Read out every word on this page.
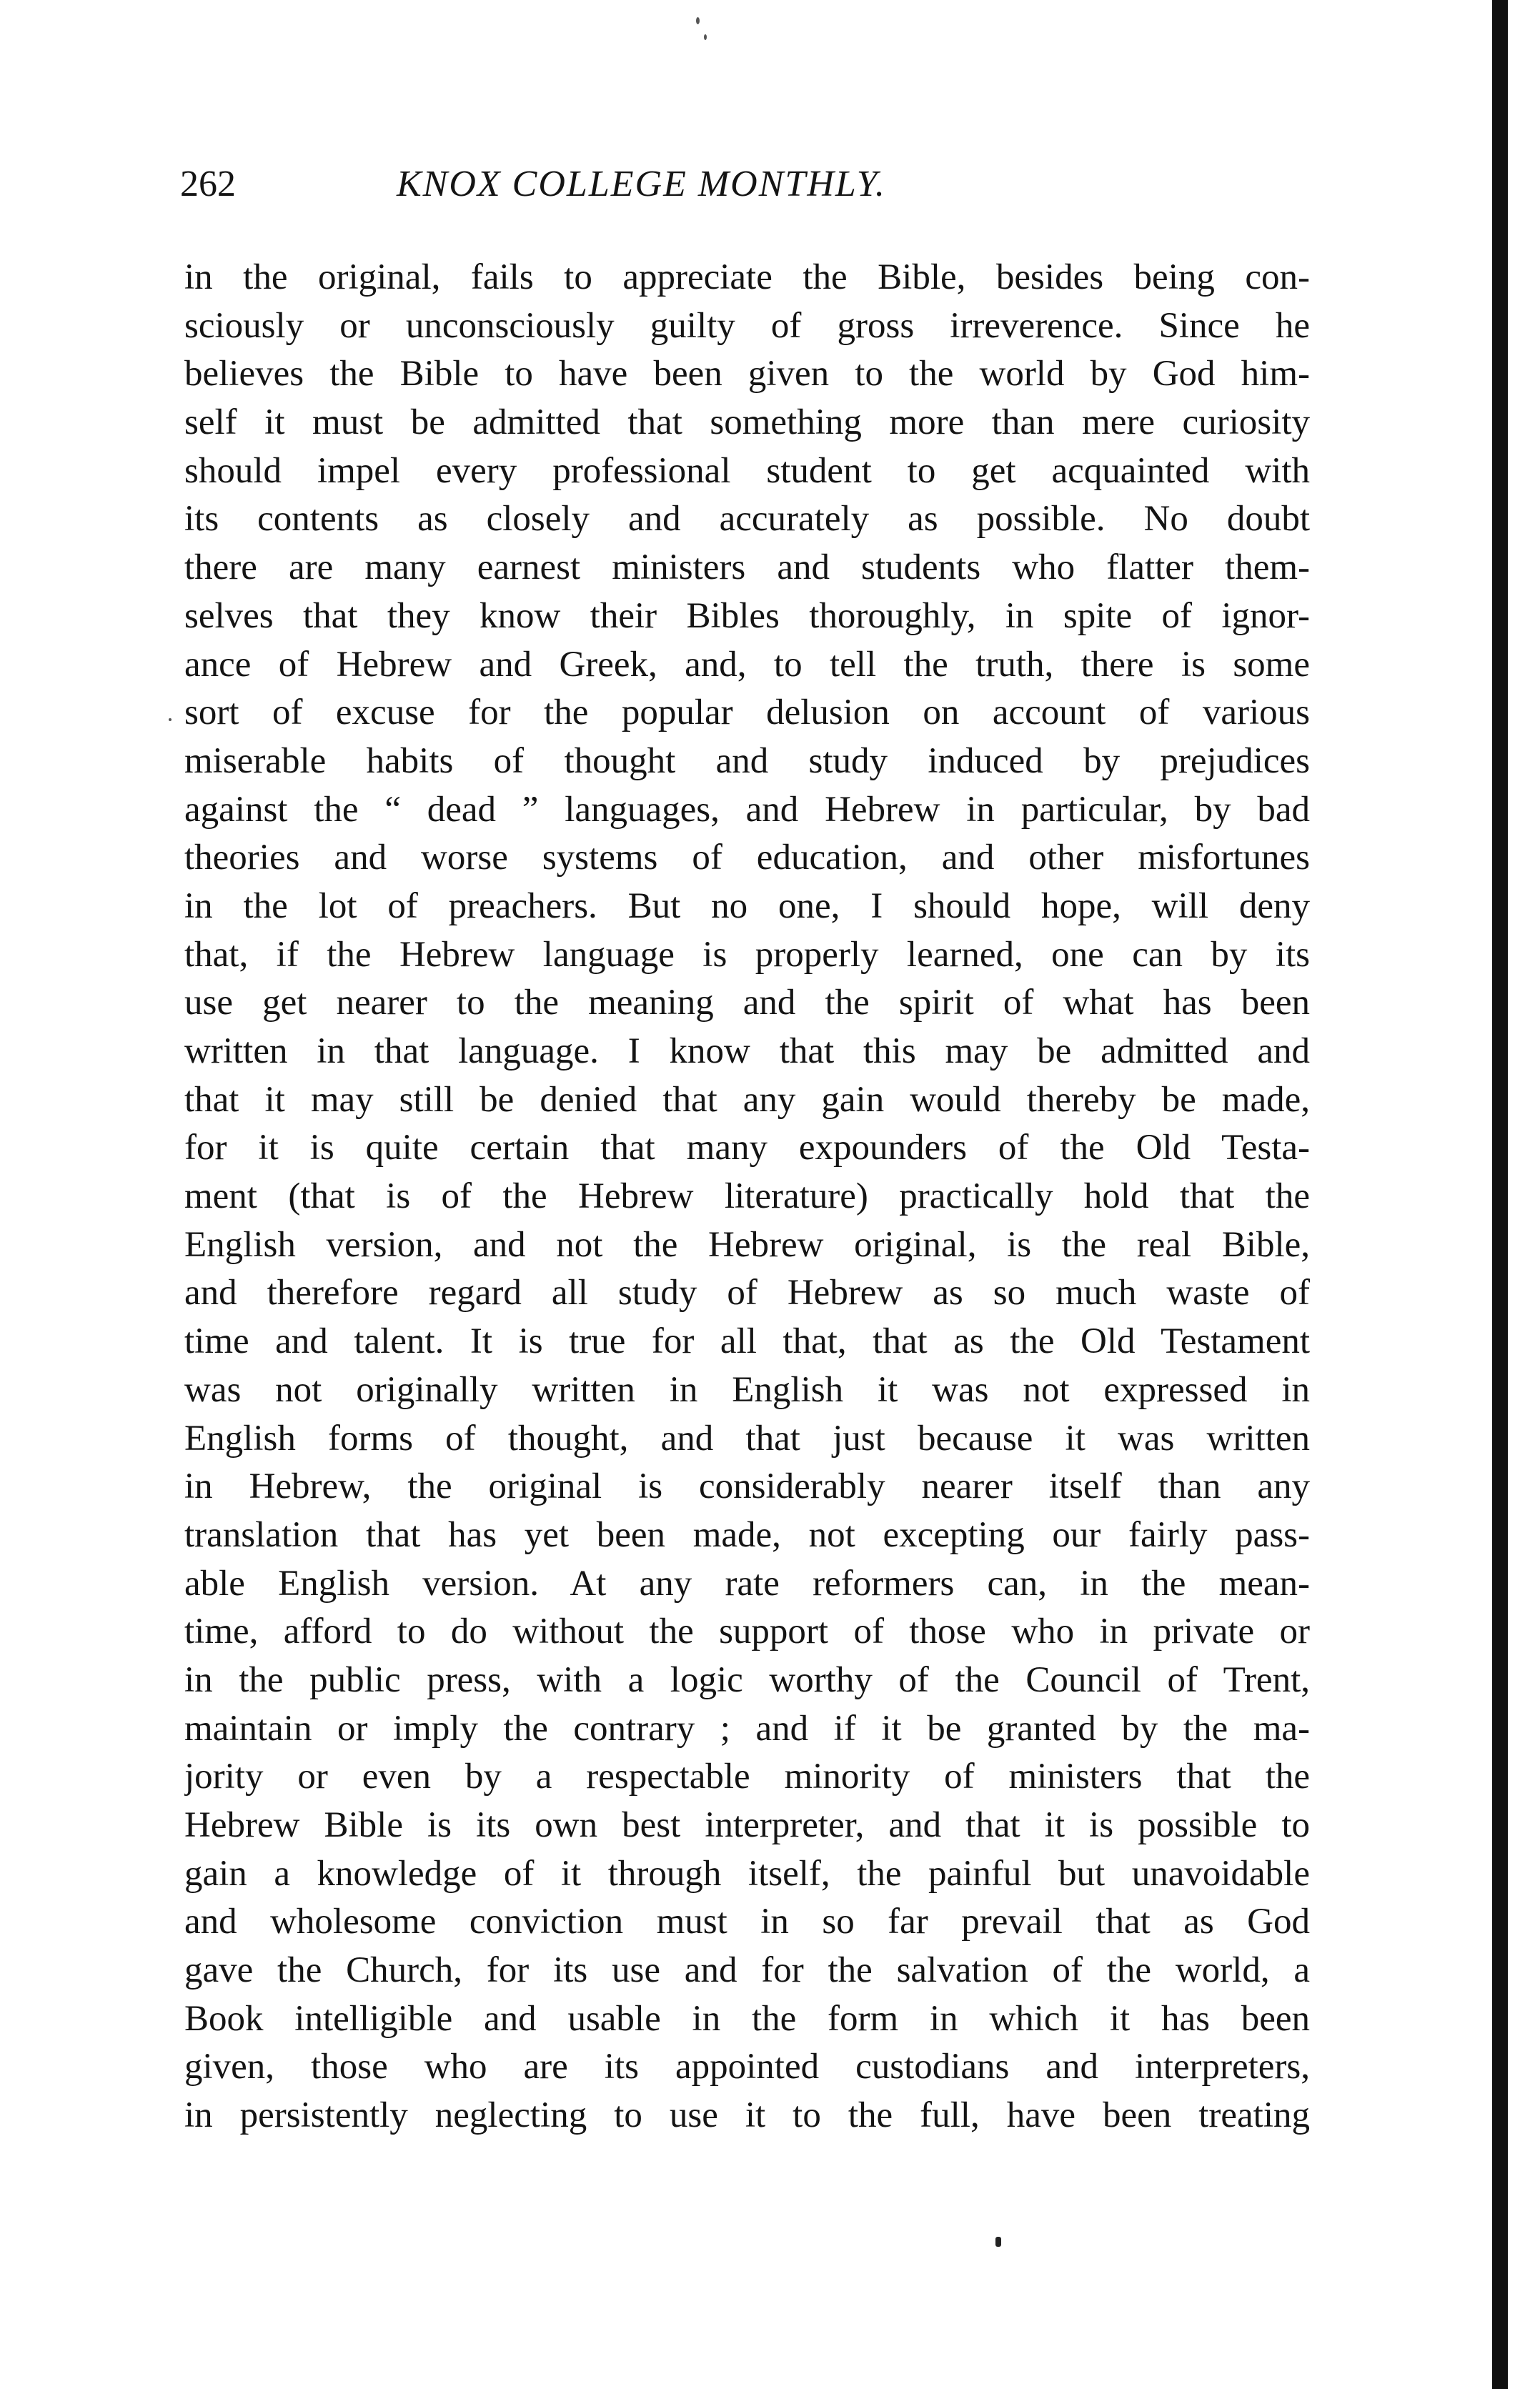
262	KNOX COLLEGE MONTHLY.
in the original, fails to appreciate the Bible, besides being con-
sciously or unconsciously guilty of gross irreverence. Since he
believes the Bible to have been given to the world by God him-
self it must be admitted that something more than mere curiosity
should impel every professional student to get acquainted with
its contents as closely and accurately as possible. No doubt
there are many earnest ministers and students who flatter them-
selves that they know their Bibles thoroughly, in spite of ignor-
ance of Hebrew and Greek, and, to tell the truth, there is some
sort of excuse for the popular delusion on account of various
miserable habits of thought and study induced by prejudices
against the “ dead ” languages, and Hebrew in particular, by bad
theories and worse systems of education, and other misfortunes
in the lot of preachers. But no one, I should hope, will deny
that, if the Hebrew language is properly learned, one can by its
use get nearer to the meaning and the spirit of what has been
written in that language. I know that this may be admitted and
that it may still be denied that any gain would thereby be made,
for it is quite certain that many expounders of the Old Testa-
ment (that is of the Hebrew literature) practically hold that the
English version, and not the Hebrew original, is the real Bible,
and therefore regard all study of Hebrew as so much waste of
time and talent. It is true for all that, that as the Old Testament
was not originally written in English it was not expressed in
English forms of thought, and that just because it was written
in Hebrew, the original is considerably nearer itself than any
translation that has yet been made, not excepting our fairly pass-
able English version. At any rate reformers can, in the mean-
time, afford to do without the support of those who in private or
in the public press, with a logic worthy of the Council of Trent,
maintain or imply the contrary ; and if it be granted by the ma-
jority or even by a respectable minority of ministers that the
Hebrew Bible is its own best interpreter, and that it is possible to
gain a knowledge of it through itself, the painful but unavoidable
and wholesome conviction must in so far prevail that as God
gave the Church, for its use and for the salvation of the world, a
Book intelligible and usable in the form in which it has been
given, those who are its appointed custodians and interpreters,
in persistently neglecting to use it to the full, have been treating
